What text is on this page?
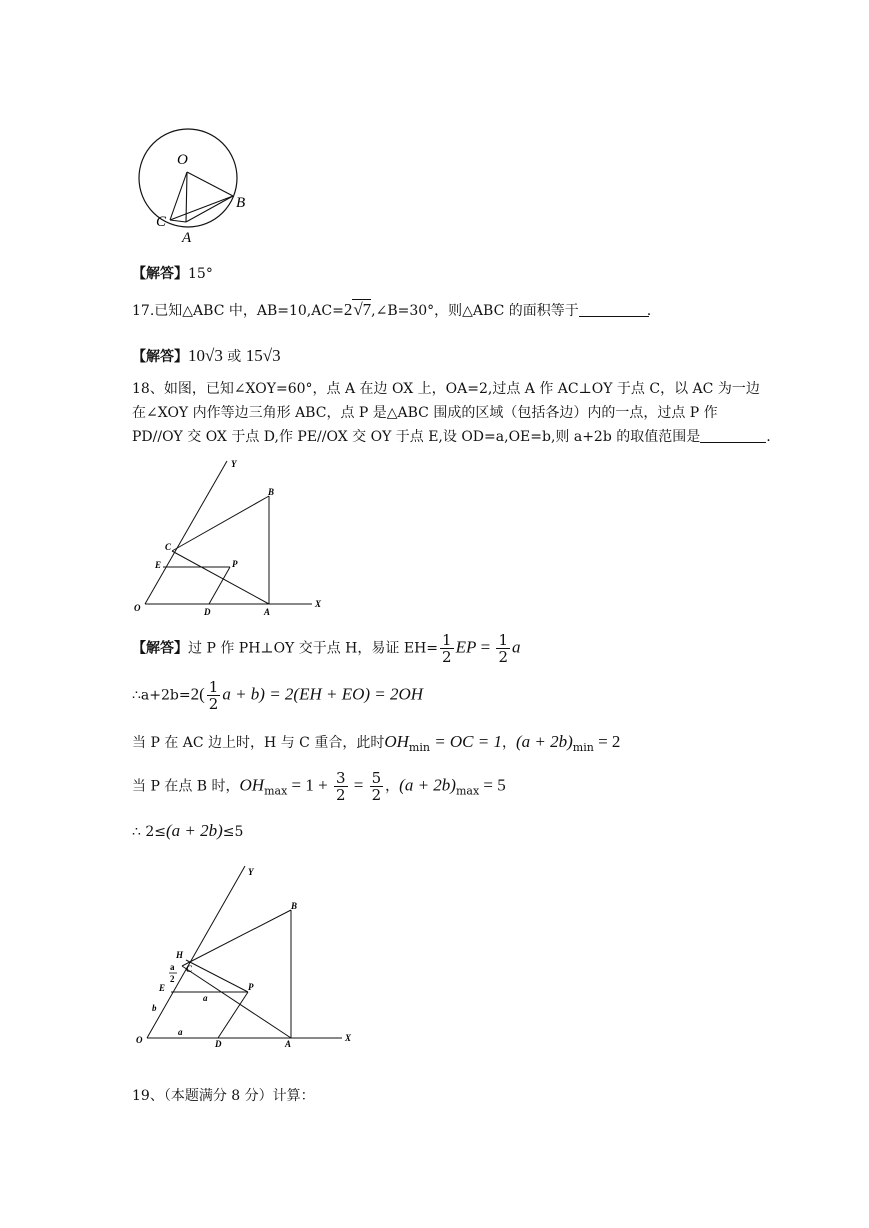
O
B
C
A
【解答】15°
17.已知△ABC 中，AB=10,AC=2√7,∠B=30°，则△ABC 的面积等于	.
【解答】10√3 或 15√3
18、如图，已知∠XOY=60°，点 A 在边 OX 上，OA=2,过点 A 作 AC⊥OY 于点 C，以 AC 为一边
在∠XOY 内作等边三角形 ABC，点 P 是△ABC 围成的区域（包括各边）内的一点，过点 P 作
PD//OY 交 OX 于点 D,作 PE//OX 交 OY 于点 E,设 OD=a,OE=b,则 a+2b 的取值范围是	.
Y
B
C
E	P
O	D	A
X
【解答】过 P 作 PH⊥OY 交于点 H，易证 $EH= \frac{1}{2}$ EP = $\frac{1}{2}$ a
∴a+2b=2( $\frac{1}{2}$ a + b) = 2(EH + EO) = 2OH
当 P 在 AC 边上时，H 与 C 重合，此时$OH_{min}$ = OC = 1，$(a + 2b)_{min} = 2$
当 P 在点 B 时，$OH_{max} = 1 + \frac{3}{2} = \frac{5}{2}$ ，$(a + 2b)_{max} = 5$
∴ 2≤(a + 2b)≤5
Y
B
H
a
2
C
E
a
P
b
a
O	D	A
X
19、（本题满分 8 分）计算：
